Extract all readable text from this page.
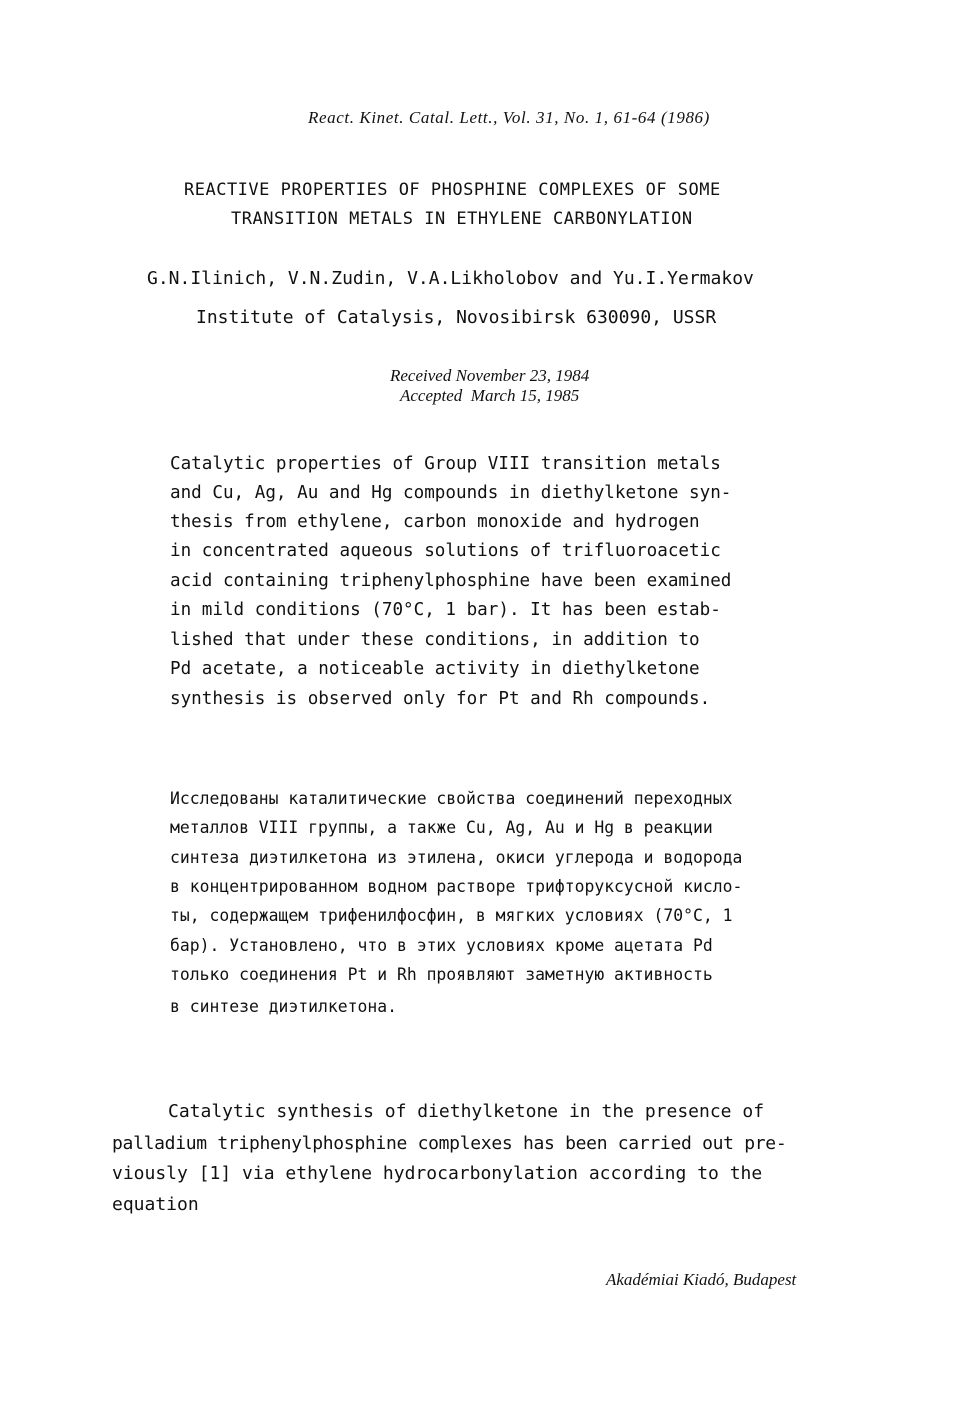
React. Kinet. Catal. Lett., Vol. 31, No. 1, 61-64 (1986)
REACTIVE PROPERTIES OF PHOSPHINE COMPLEXES OF SOME
TRANSITION METALS IN ETHYLENE CARBONYLATION
G.N.Ilinich, V.N.Zudin, V.A.Likholobov and Yu.I.Yermakov
Institute of Catalysis, Novosibirsk 630090, USSR
Received November 23, 1984
Accepted  March 15, 1985
Catalytic properties of Group VIII transition metals
and Cu, Ag, Au and Hg compounds in diethylketone syn-
thesis from ethylene, carbon monoxide and hydrogen
in concentrated aqueous solutions of trifluoroacetic
acid containing triphenylphosphine have been examined
in mild conditions (70°C, 1 bar). It has been estab-
lished that under these conditions, in addition to
Pd acetate, a noticeable activity in diethylketone
synthesis is observed only for Pt and Rh compounds.
Исследованы каталитические свойства соединений переходных
металлов VIII группы, а также Cu, Ag, Au и Hg в реакции
синтеза диэтилкетона из этилена, окиси углерода и водорода
в концентрированном водном растворе трифторуксусной кисло-
ты, содержащем трифенилфосфин, в мягких условиях (70°С, 1
бар). Установлено, что в этих условиях кроме ацетата Pd
только соединения Pt и Rh проявляют заметную активность
в синтезе диэтилкетона.
Catalytic synthesis of diethylketone in the presence of
palladium triphenylphosphine complexes has been carried out pre-
viously [1] via ethylene hydrocarbonylation according to the
equation
Akadémiai Kiadó, Budapest
